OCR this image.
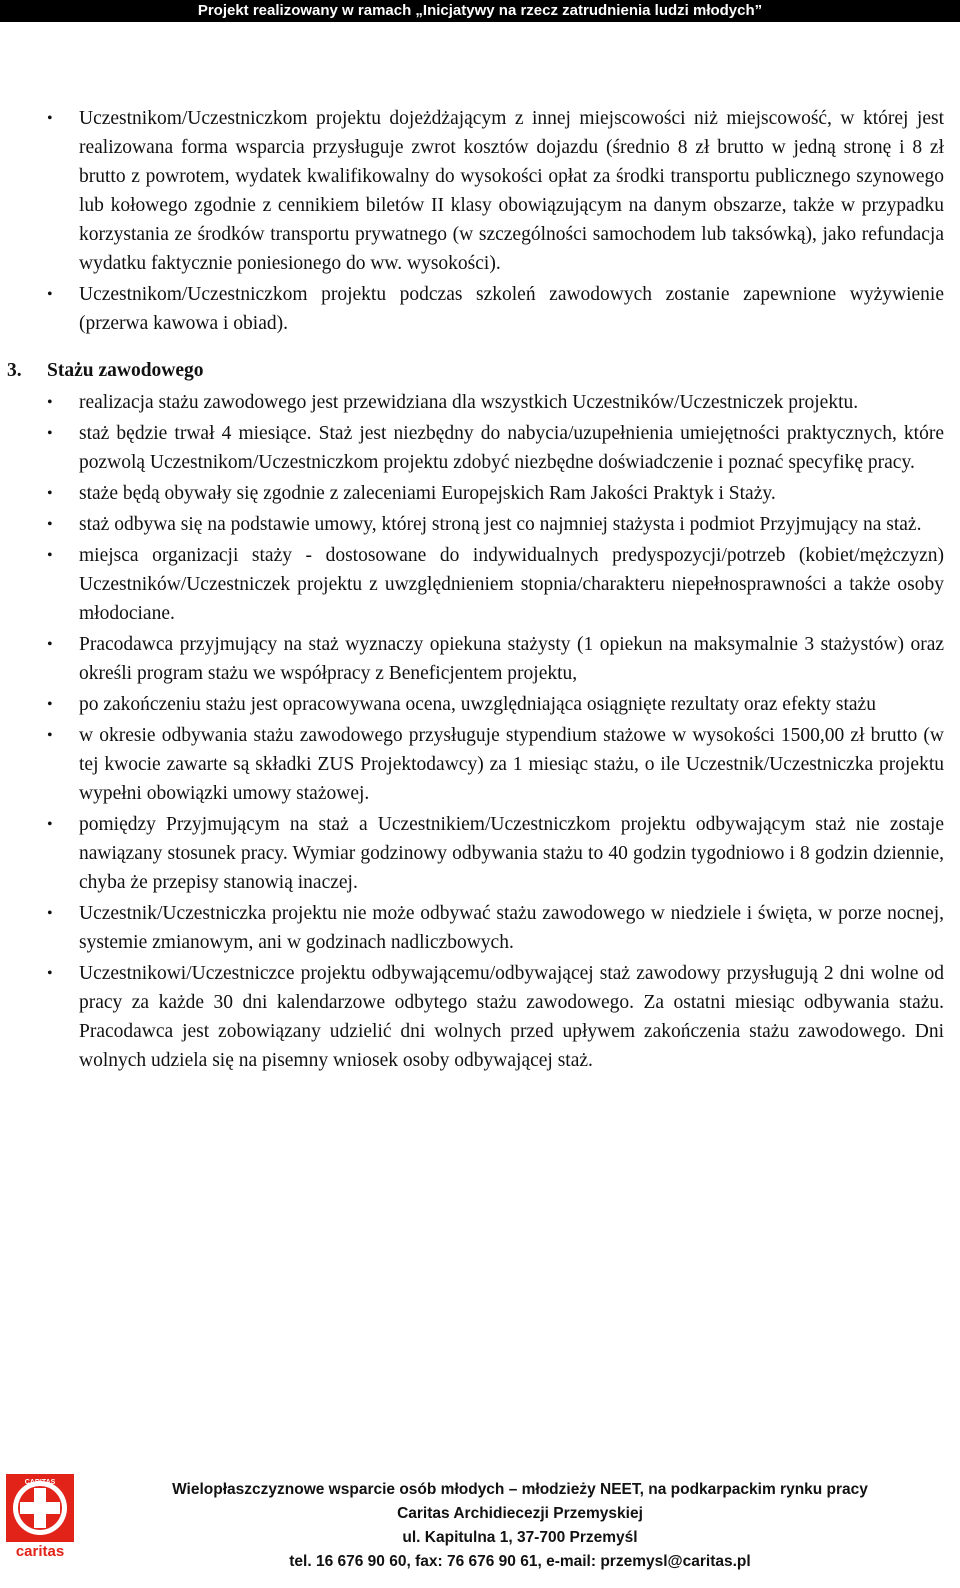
Projekt realizowany w ramach „Inicjatywy na rzecz zatrudnienia ludzi młodych”
• Uczestnikom/Uczestniczkom projektu dojeżdżającym z innej miejscowości niż miejscowość, w której jest realizowana forma wsparcia przysługuje zwrot kosztów dojazdu (średnio 8 zł brutto w jedną stronę i 8 zł brutto z powrotem, wydatek kwalifikowalny do wysokości opłat za środki transportu publicznego szynowego lub kołowego zgodnie z cennikiem biletów II klasy obowiązującym na danym obszarze, także w przypadku korzystania ze środków transportu prywatnego (w szczególności samochodem lub taksówką), jako refundacja wydatku faktycznie poniesionego do ww. wysokości).
• Uczestnikom/Uczestniczkom projektu podczas szkoleń zawodowych zostanie zapewnione wyżywienie (przerwa kawowa i obiad).
3. Stażu zawodowego
• realizacja stażu zawodowego jest przewidziana dla wszystkich Uczestników/Uczestniczek projektu.
• staż będzie trwał 4 miesiące. Staż jest niezbędny do nabycia/uzupełnienia umiejętności praktycznych, które pozwolą Uczestnikom/Uczestniczkom projektu zdobyć niezbędne doświadczenie i poznać specyfikę pracy.
• staże będą obywały się zgodnie z zaleceniami Europejskich Ram Jakości Praktyk i Staży.
• staż odbywa się na podstawie umowy, której stroną jest co najmniej stażysta i podmiot Przyjmujący na staż.
• miejsca organizacji staży - dostosowane do indywidualnych predyspozycji/potrzeb (kobiet/mężczyzn) Uczestników/Uczestniczek projektu z uwzględnieniem stopnia/charakteru niepełnosprawności a także osoby młodociane.
• Pracodawca przyjmujący na staż wyznaczy opiekuna stażysty (1 opiekun na maksymalnie 3 stażystów) oraz określi program stażu we współpracy z Beneficjentem projektu,
• po zakończeniu stażu jest opracowywana ocena, uwzględniająca osiągnięte rezultaty oraz efekty stażu
• w okresie odbywania stażu zawodowego przysługuje stypendium stażowe w wysokości 1500,00 zł brutto (w tej kwocie zawarte są składki ZUS Projektodawcy) za 1 miesiąc stażu, o ile Uczestnik/Uczestniczka projektu wypełni obowiązki umowy stażowej.
• pomiędzy Przyjmującym na staż a Uczestnikiem/Uczestniczkom projektu odbywającym staż nie zostaje nawiązany stosunek pracy. Wymiar godzinowy odbywania stażu to 40 godzin tygodniowo i 8 godzin dziennie, chyba że przepisy stanowią inaczej.
• Uczestnik/Uczestniczka projektu nie może odbywać stażu zawodowego w niedziele i święta, w porze nocnej, systemie zmianowym, ani w godzinach nadliczbowych.
• Uczestnikowi/Uczestniczce projektu odbywającemu/odbywającej staż zawodowy przysługują 2 dni wolne od pracy za każde 30 dni kalendarzowe odbytego stażu zawodowego. Za ostatni miesiąc odbywania stażu. Pracodawca jest zobowiązany udzielić dni wolnych przed upływem zakończenia stażu zawodowego. Dni wolnych udziela się na pisemny wniosek osoby odbywającej staż.
CARITAS
caritas
Wielopłaszczyznowe wsparcie osób młodych – młodzieży NEET, na podkarpackim rynku pracy
Caritas Archidiecezji Przemyskiej
ul. Kapitulna 1, 37-700 Przemyśl
tel. 16 676 90 60, fax: 76 676 90 61, e-mail: przemysl@caritas.pl
